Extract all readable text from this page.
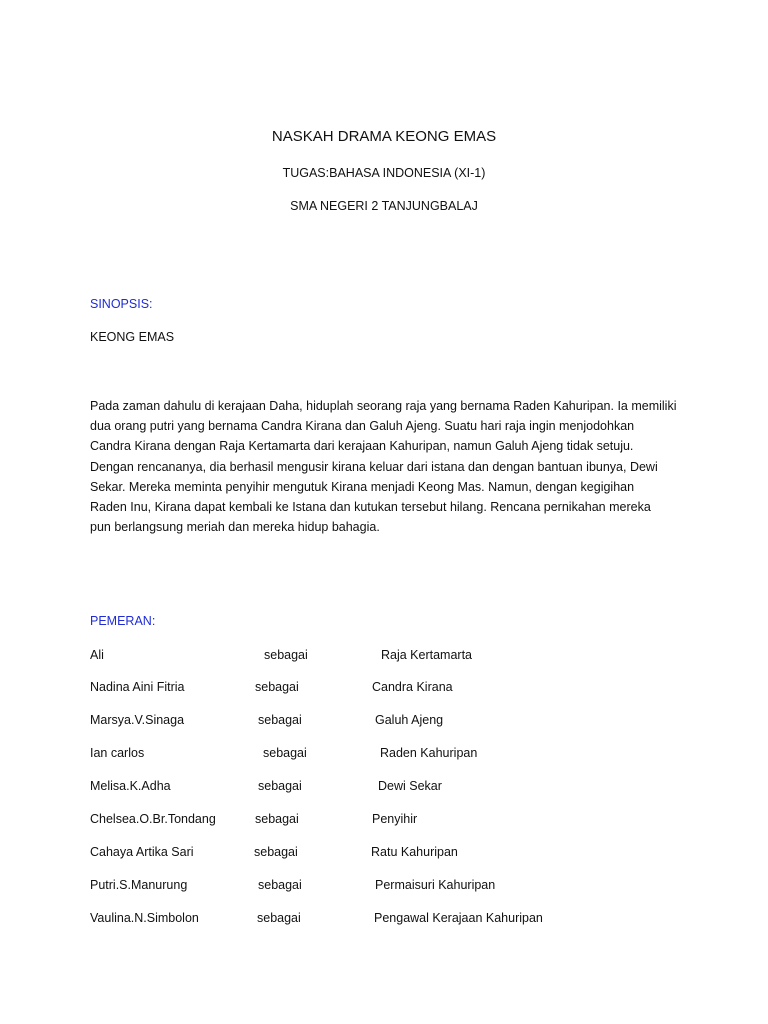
NASKAH DRAMA KEONG EMAS
TUGAS:BAHASA INDONESIA (XI-1)
SMA NEGERI 2 TANJUNGBALAJ
SINOPSIS:
KEONG EMAS
Pada zaman dahulu di kerajaan Daha, hiduplah seorang raja yang bernama Raden Kahuripan. Ia memiliki
dua orang putri yang bernama Candra Kirana dan Galuh Ajeng. Suatu hari raja ingin menjodohkan
Candra Kirana dengan Raja Kertamarta dari kerajaan Kahuripan, namun Galuh Ajeng tidak setuju.
Dengan rencananya, dia berhasil mengusir kirana keluar dari istana dan dengan bantuan ibunya, Dewi
Sekar. Mereka meminta penyihir mengutuk Kirana menjadi Keong Mas. Namun, dengan kegigihan
Raden Inu, Kirana dapat kembali ke Istana dan kutukan tersebut hilang. Rencana pernikahan mereka
pun berlangsung meriah dan mereka hidup bahagia.
PEMERAN:
Ali	sebagai	Raja Kertamarta
Nadina Aini Fitria	sebagai	Candra Kirana
Marsya.V.Sinaga	sebagai	Galuh Ajeng
Ian carlos	sebagai	Raden Kahuripan
Melisa.K.Adha	sebagai	Dewi Sekar
Chelsea.O.Br.Tondang	sebagai	Penyihir
Cahaya Artika Sari	sebagai	Ratu Kahuripan
Putri.S.Manurung	sebagai	Permaisuri Kahuripan
Vaulina.N.Simbolon	sebagai	Pengawal Kerajaan Kahuripan
